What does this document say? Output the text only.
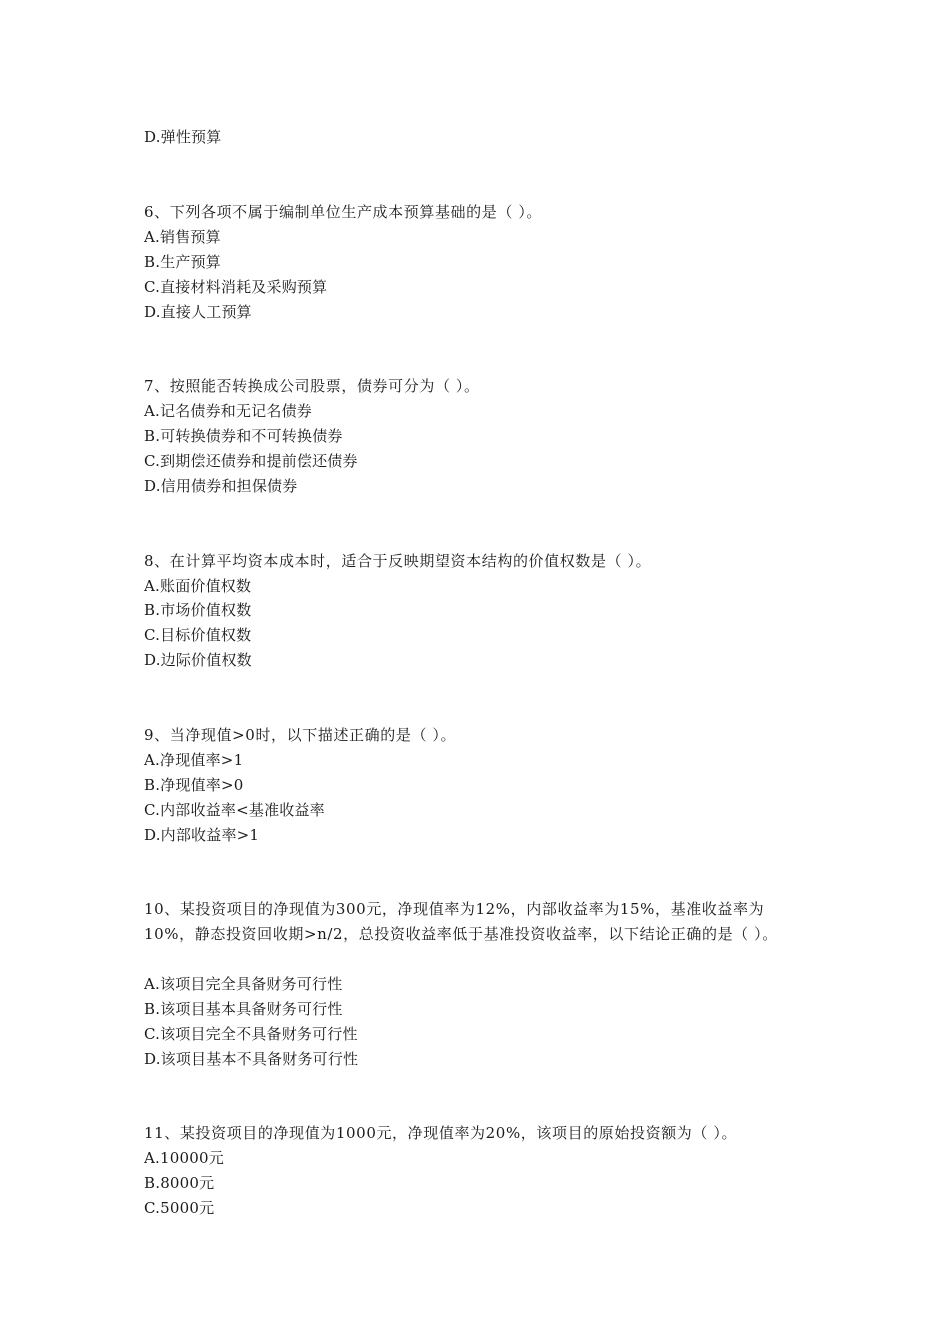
D.弹性预算
6、下列各项不属于编制单位生产成本预算基础的是（ ）。
A.销售预算
B.生产预算
C.直接材料消耗及采购预算
D.直接人工预算
7、按照能否转换成公司股票，债券可分为（ ）。
A.记名债券和无记名债券
B.可转换债券和不可转换债券
C.到期偿还债券和提前偿还债券
D.信用债券和担保债券
8、在计算平均资本成本时，适合于反映期望资本结构的价值权数是（ ）。
A.账面价值权数
B.市场价值权数
C.目标价值权数
D.边际价值权数
9、当净现值>0时，以下描述正确的是（ ）。
A.净现值率>1
B.净现值率>0
C.内部收益率<基准收益率
D.内部收益率>1
10、某投资项目的净现值为300元，净现值率为12%，内部收益率为15%，基准收益率为
10%，静态投资回收期>n/2，总投资收益率低于基准投资收益率，以下结论正确的是（ ）。
A.该项目完全具备财务可行性
B.该项目基本具备财务可行性
C.该项目完全不具备财务可行性
D.该项目基本不具备财务可行性
11、某投资项目的净现值为1000元，净现值率为20%，该项目的原始投资额为（ ）。
A.10000元
B.8000元
C.5000元
